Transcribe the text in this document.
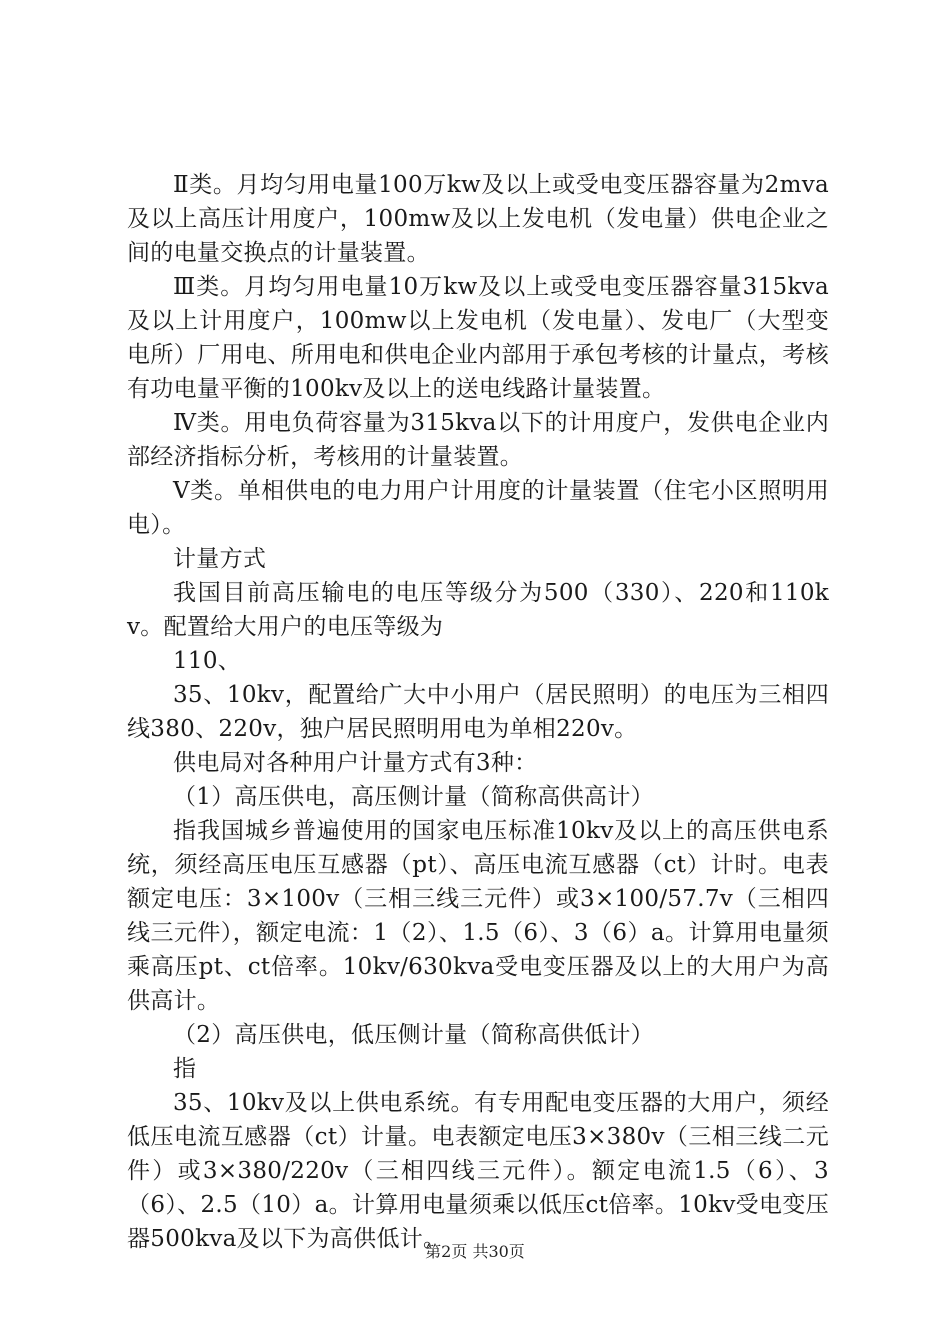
Ⅱ类。月均匀用电量100万kw及以上或受电变压器容量为2mva及以上高压计用度户，100mw及以上发电机（发电量）供电企业之间的电量交换点的计量装置。

Ⅲ类。月均匀用电量10万kw及以上或受电变压器容量315kva及以上计用度户，100mw以上发电机（发电量）、发电厂（大型变电所）厂用电、所用电和供电企业内部用于承包考核的计量点，考核有功电量平衡的100kv及以上的送电线路计量装置。

Ⅳ类。用电负荷容量为315kva以下的计用度户，发供电企业内部经济指标分析，考核用的计量装置。

Ⅴ类。单相供电的电力用户计用度的计量装置（住宅小区照明用电）。

计量方式

我国目前高压输电的电压等级分为500（330）、220和110kv。配置给大用户的电压等级为

110、

35、10kv，配置给广大中小用户（居民照明）的电压为三相四线380、220v，独户居民照明用电为单相220v。

供电局对各种用户计量方式有3种：

（1）高压供电，高压侧计量（简称高供高计）

指我国城乡普遍使用的国家电压标准10kv及以上的高压供电系统，须经高压电压互感器（pt）、高压电流互感器（ct）计时。电表额定电压：3×100v（三相三线三元件）或3×100/57.7v（三相四线三元件），额定电流：1（2）、1.5（6）、3（6）a。计算用电量须乘高压pt、ct倍率。10kv/630kva受电变压器及以上的大用户为高供高计。

（2）高压供电，低压侧计量（简称高供低计）

指

35、10kv及以上供电系统。有专用配电变压器的大用户，须经低压电流互感器（ct）计量。电表额定电压3×380v（三相三线二元件）或3×380/220v（三相四线三元件）。额定电流1.5（6）、3（6）、2.5（10）a。计算用电量须乘以低压ct倍率。10kv受电变压器500kva及以下为高供低计。

第2页 共30页
